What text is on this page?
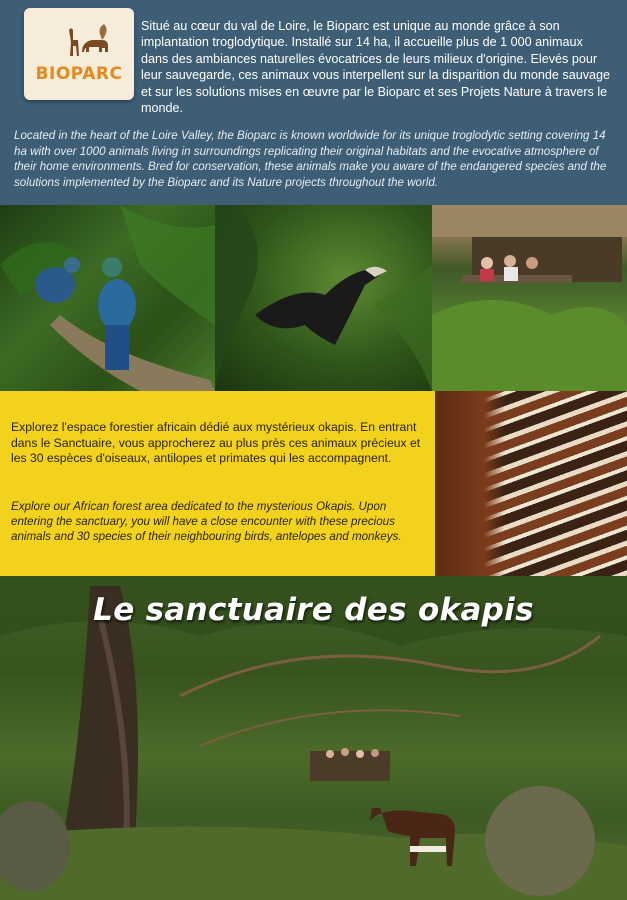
BIOPARC
Situé au cœur du val de Loire, le Bioparc est unique au monde grâce à son implantation troglodytique. Installé sur 14 ha, il accueille plus de 1 000 animaux dans des ambiances naturelles évocatrices de leurs milieux d'origine. Elevés pour leur sauvegarde, ces animaux vous interpellent sur la disparition du monde sauvage et sur les solutions mises en œuvre par le Bioparc et ses Projets Nature à travers le monde.
Located in the heart of the Loire Valley, the Bioparc is known worldwide for its unique troglodytic setting covering 14 ha with over 1000 animals living in surroundings replicating their original habitats and the evocative atmosphere of their home environments. Bred for conservation, these animals make you aware of the endangered species and the solutions implemented by the Bioparc and its Nature projects throughout the world.
Explorez l'espace forestier africain dédié aux mystérieux okapis. En entrant dans le Sanctuaire, vous approcherez au plus près ces animaux précieux et les 30 espèces d'oiseaux, antilopes et primates qui les accompagnent.
Explore our African forest area dedicated to the mysterious Okapis. Upon entering the sanctuary, you will have a close encounter with these precious animals and 30 species of their neighbouring birds, antelopes and monkeys.
Le sanctuaire des okapis
